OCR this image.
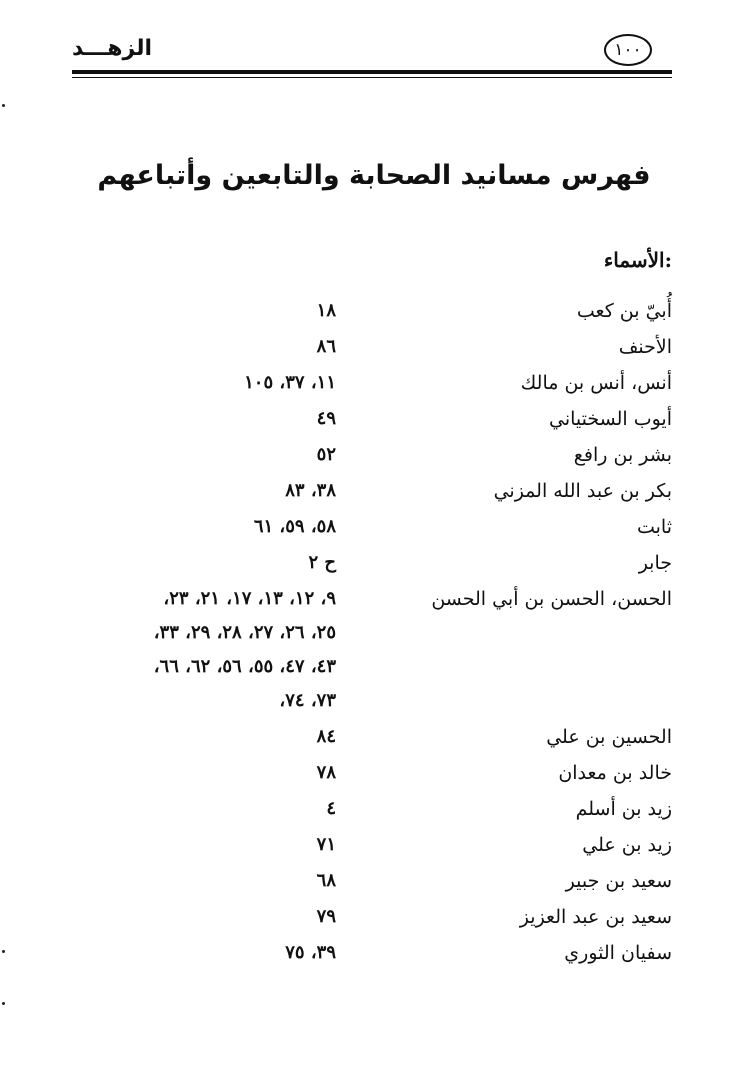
الزهـــد	١٠٠
فهرس مسانيد الصحابة والتابعين وأتباعهم
الأسماء:
أُبيّ بن كعب
١٨
الأحنف
٨٦
أنس، أنس بن مالك
١١، ٣٧، ١٠٥
أيوب السختياني
٤٩
بشر بن رافع
٥٢
بكر بن عبد الله المزني
٣٨، ٨٣
ثابت
٥٨، ٥٩، ٦١
جابر
ح ٢
الحسن، الحسن بن أبي الحسن
٩، ١٢، ١٣، ١٧، ٢١، ٢٣،
٢٥، ٢٦، ٢٧، ٢٨، ٢٩، ٣٣،
٤٣، ٤٧، ٥٥، ٥٦، ٦٢، ٦٦،
٧٣، ٧٤،
الحسين بن علي
٨٤
خالد بن معدان
٧٨
زيد بن أسلم
٤
زيد بن علي
٧١
سعيد بن جبير
٦٨
سعيد بن عبد العزيز
٧٩
سفيان الثوري
٣٩، ٧٥
